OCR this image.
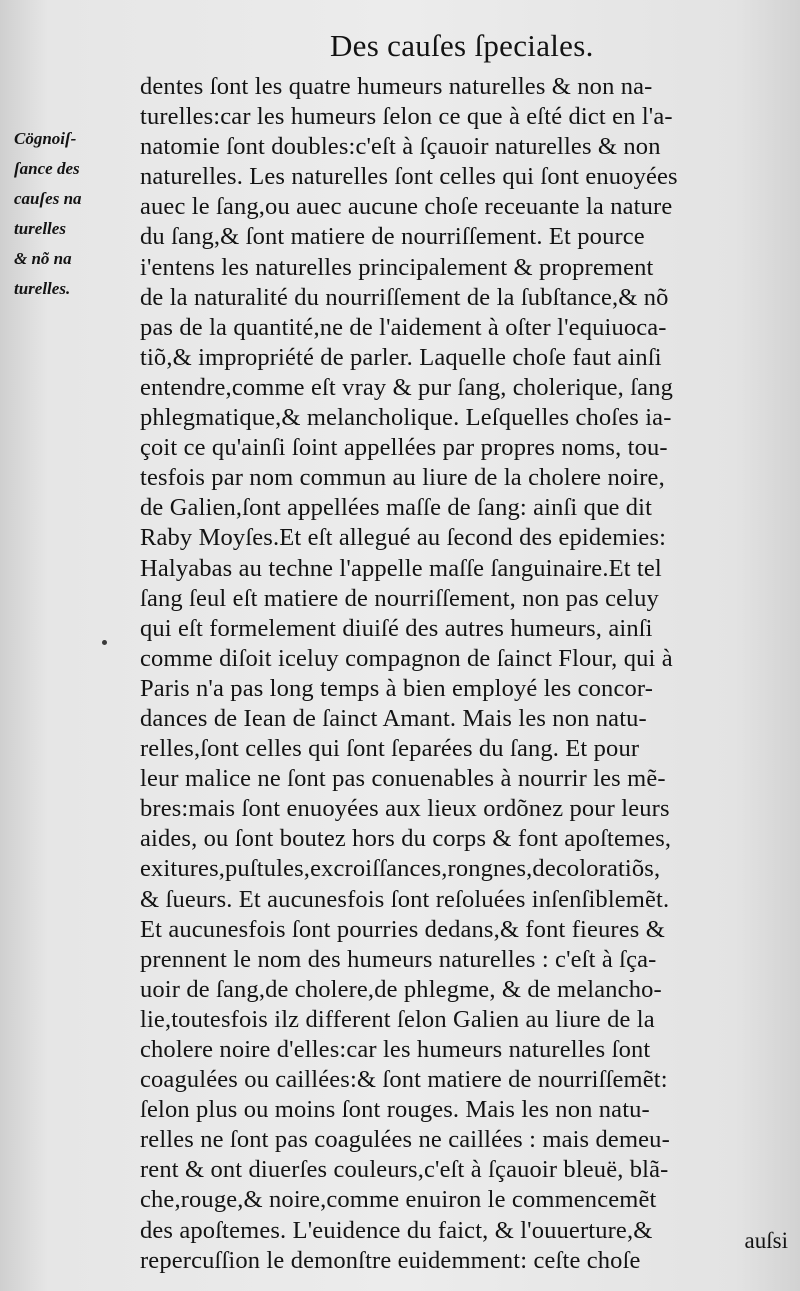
Des cauſes ſpeciales.
Cögnoiſ-
ſance des
cauſes na
turelles
& nõ na
turelles.
dentes ſont les quatre humeurs naturelles & non na-
turelles:car les humeurs ſelon ce que à eſté dict en l'a-
natomie ſont doubles:c'eſt à ſçauoir naturelles & non
naturelles. Les naturelles ſont celles qui ſont enuoyées
auec le ſang,ou auec aucune choſe receuante la nature
du ſang,& ſont matiere de nourriſſement. Et pource
i'entens les naturelles principalement & proprement
de la naturalité du nourriſſement de la ſubſtance,& nõ
pas de la quantité,ne de l'aidement à oſter l'equiuoca-
tiõ,& impropriété de parler. Laquelle choſe faut ainſi
entendre,comme eſt vray & pur ſang, cholerique, ſang
phlegmatique,& melancholique. Leſquelles choſes ia-
çoit ce qu'ainſi ſoint appellées par propres noms, tou-
tesfois par nom commun au liure de la cholere noire,
de Galien,ſont appellées maſſe de ſang: ainſi que dit
Raby Moyſes.Et eſt allegué au ſecond des epidemies:
Halyabas au techne l'appelle maſſe ſanguinaire.Et tel
ſang ſeul eſt matiere de nourriſſement, non pas celuy
qui eſt formelement diuiſé des autres humeurs, ainſi
comme diſoit iceluy compagnon de ſainct Flour, qui à
Paris n'a pas long temps à bien employé les concor-
dances de Iean de ſainct Amant. Mais les non natu-
relles,ſont celles qui ſont ſeparées du ſang. Et pour
leur malice ne ſont pas conuenables à nourrir les mẽ-
bres:mais ſont enuoyées aux lieux ordõnez pour leurs
aides, ou ſont boutez hors du corps & font apoſtemes,
exitures,puſtules,excroiſſances,rongnes,decoloratiõs,
& ſueurs. Et aucunesfois ſont reſoluées inſenſiblemẽt.
Et aucunesfois ſont pourries dedans,& font fieures &
prennent le nom des humeurs naturelles : c'eſt à ſça-
uoir de ſang,de cholere,de phlegme, & de melancho-
lie,toutesfois ilz different ſelon Galien au liure de la
cholere noire d'elles:car les humeurs naturelles ſont
coagulées ou caillées:& ſont matiere de nourriſſemẽt:
ſelon plus ou moins ſont rouges. Mais les non natu-
relles ne ſont pas coagulées ne caillées : mais demeu-
rent & ont diuerſes couleurs,c'eſt à ſçauoir bleuë, blã-
che,rouge,& noire,comme enuiron le commencemẽt
des apoſtemes. L'euidence du faict, & l'ouuerture,&
repercuſſion le demonſtre euidemment: ceſte choſe
auſsi
